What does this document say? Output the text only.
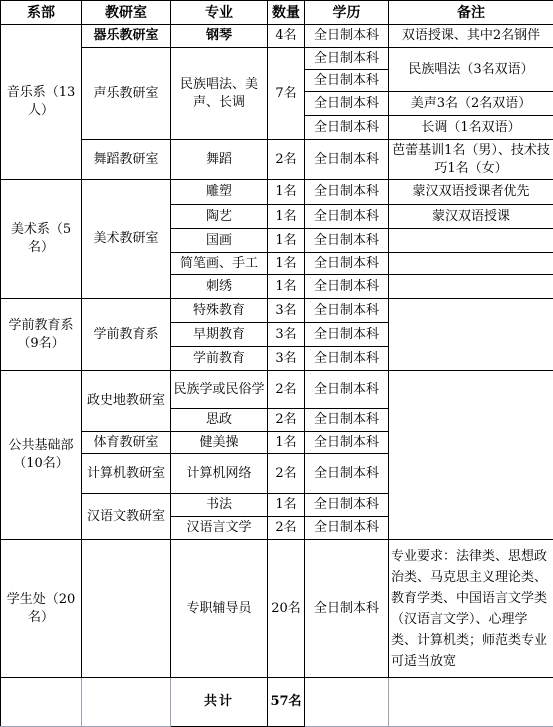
系部	教研室	专业	数量	学历	备注
音乐系（13人）	器乐教研室	钢琴	4名	全日制本科	双语授课、其中2名钢伴
	声乐教研室	民族唱法、美声、长调	7名	全日制本科	民族唱法（3名双语）
				全日制本科	
				全日制本科	美声3名（2名双语）
				全日制本科	长调（1名双语）
	舞蹈教研室	舞蹈	2名	全日制本科	芭蕾基训1名（男）、技术技巧1名（女）
美术系（5名）	美术教研室	雕塑	1名	全日制本科	蒙汉双语授课者优先
		陶艺	1名	全日制本科	蒙汉双语授课
		国画	1名	全日制本科	
		简笔画、手工	1名	全日制本科	
		刺绣	1名	全日制本科	
学前教育系（9名）	学前教育系	特殊教育	3名	全日制本科	
		早期教育	3名	全日制本科	
		学前教育	3名	全日制本科	
公共基础部（10名）	政史地教研室	民族学或民俗学	2名	全日制本科	
		思政	2名	全日制本科	
	体育教研室	健美操	1名	全日制本科	
	计算机教研室	计算机网络	2名	全日制本科	
	汉语文教研室	书法	1名	全日制本科	
		汉语言文学	2名	全日制本科	
学生处（20名）		专职辅导员	20名	全日制本科	专业要求：法律类、思想政治类、马克思主义理论类、教育学类、中国语言文学类（汉语言文学）、心理学类、计算机类；师范类专业可适当放宽
		共计	57名		
